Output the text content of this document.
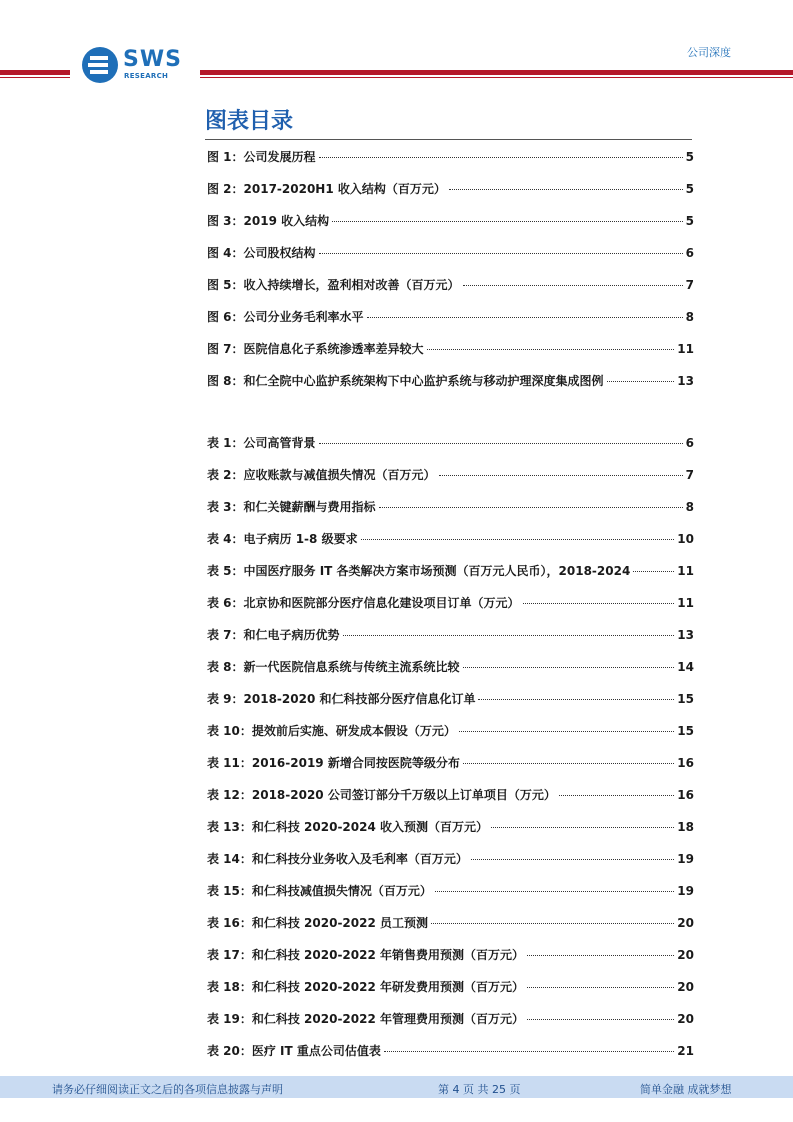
SWS
RESEARCH
公司深度
图表目录
图 1：公司发展历程	5
图 2：2017-2020H1 收入结构（百万元）	5
图 3：2019 收入结构	5
图 4：公司股权结构	6
图 5：收入持续增长，盈利相对改善（百万元）	7
图 6：公司分业务毛利率水平	8
图 7：医院信息化子系统渗透率差异较大	11
图 8：和仁全院中心监护系统架构下中心监护系统与移动护理深度集成图例	13
表 1：公司高管背景	6
表 2：应收账款与减值损失情况（百万元）	7
表 3：和仁关键薪酬与费用指标	8
表 4：电子病历 1-8 级要求	10
表 5：中国医疗服务 IT 各类解决方案市场预测（百万元人民币），2018-2024	11
表 6：北京协和医院部分医疗信息化建设项目订单（万元）	11
表 7：和仁电子病历优势	13
表 8：新一代医院信息系统与传统主流系统比较	14
表 9：2018-2020 和仁科技部分医疗信息化订单	15
表 10：提效前后实施、研发成本假设（万元）	15
表 11：2016-2019 新增合同按医院等级分布	16
表 12：2018-2020 公司签订部分千万级以上订单项目（万元）	16
表 13：和仁科技 2020-2024 收入预测（百万元）	18
表 14：和仁科技分业务收入及毛利率（百万元）	19
表 15：和仁科技减值损失情况（百万元）	19
表 16：和仁科技 2020-2022 员工预测	20
表 17：和仁科技 2020-2022 年销售费用预测（百万元）	20
表 18：和仁科技 2020-2022 年研发费用预测（百万元）	20
表 19：和仁科技 2020-2022 年管理费用预测（百万元）	20
表 20：医疗 IT 重点公司估值表	21
请务必仔细阅读正文之后的各项信息披露与声明	第 4 页 共 25 页	简单金融 成就梦想
